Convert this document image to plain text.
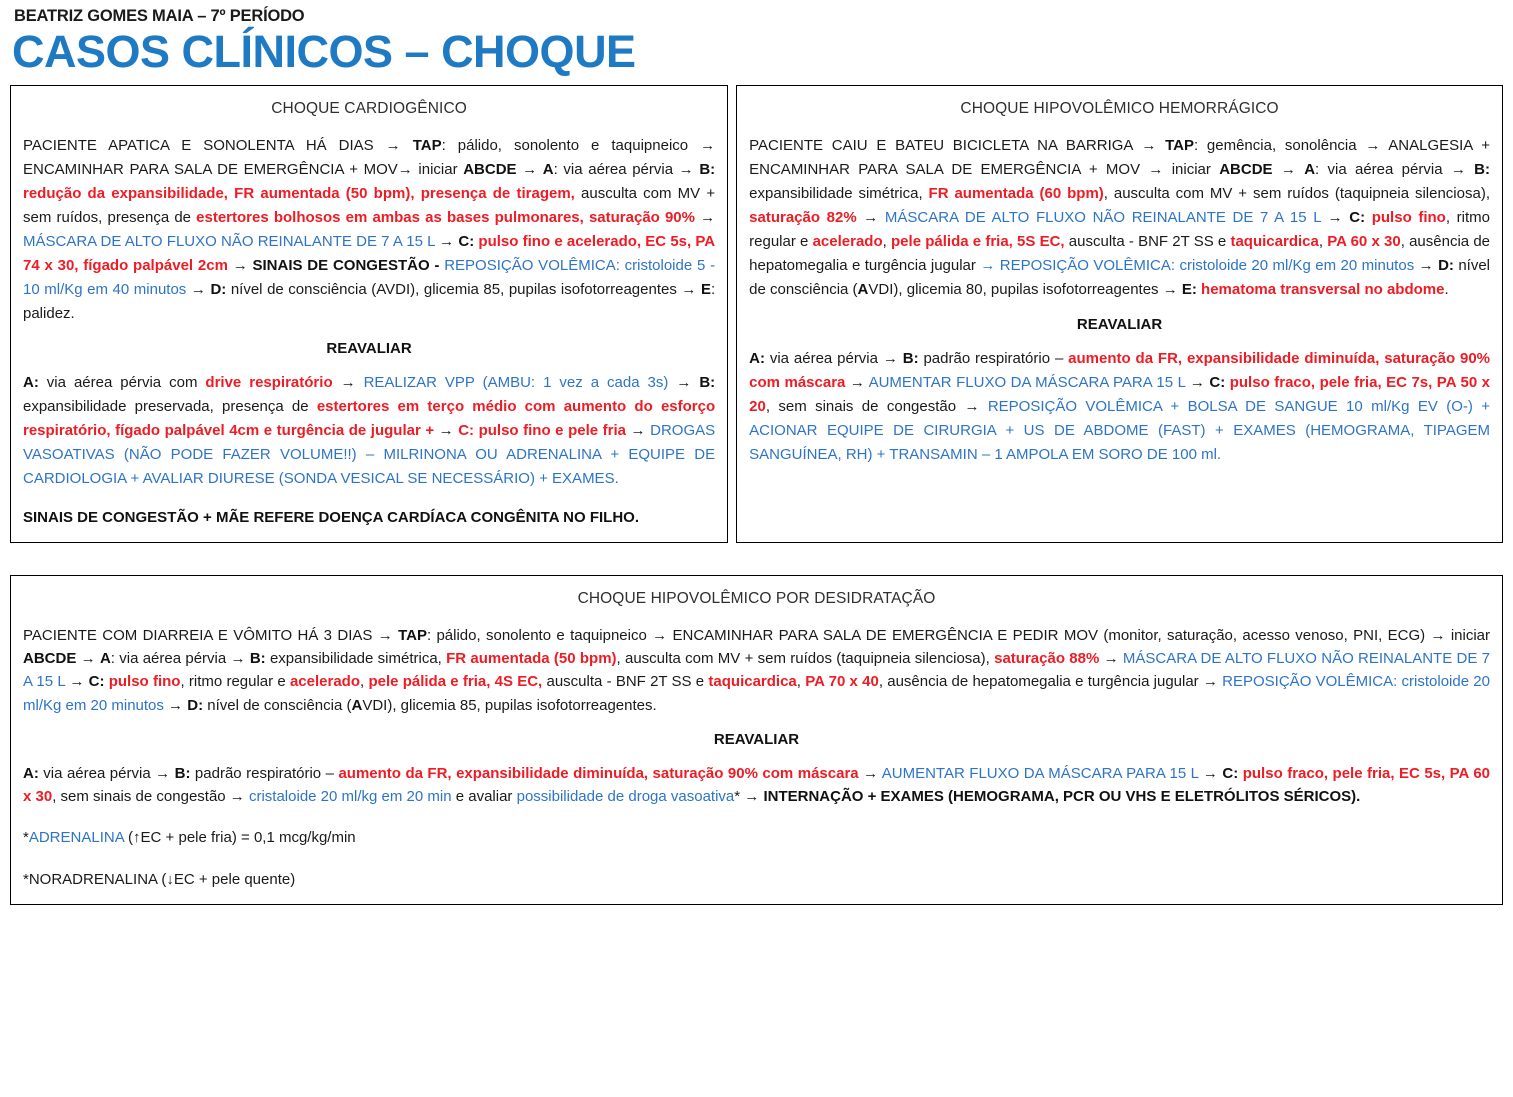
BEATRIZ GOMES MAIA – 7º PERÍODO
CASOS CLÍNICOS – CHOQUE
CHOQUE CARDIOGÊNICO

PACIENTE APATICA E SONOLENTA HÁ DIAS → TAP: pálido, sonolento e taquipneico → ENCAMINHAR PARA SALA DE EMERGÊNCIA + MOV→ iniciar ABCDE → A: via aérea pérvia → B: redução da expansibilidade, FR aumentada (50 bpm), presença de tiragem, ausculta com MV + sem ruídos, presença de estertores bolhosos em ambas as bases pulmonares, saturação 90% → MÁSCARA DE ALTO FLUXO NÃO REINALANTE DE 7 A 15 L → C: pulso fino e acelerado, EC 5s, PA 74 x 30, fígado palpável 2cm → SINAIS DE CONGESTÃO - REPOSIÇÃO VOLÊMICA: cristoloide 5 - 10 ml/Kg em 40 minutos → D: nível de consciência (AVDI), glicemia 85, pupilas isofotorreagentes → E: palidez.

REAVALIAR

A: via aérea pérvia com drive respiratório → REALIZAR VPP (AMBU: 1 vez a cada 3s) → B: expansibilidade preservada, presença de estertores em terço médio com aumento do esforço respiratório, fígado palpável 4cm e turgência de jugular + → C: pulso fino e pele fria → DROGAS VASOATIVAS (NÃO PODE FAZER VOLUME!!) – MILRINONA OU ADRENALINA + EQUIPE DE CARDIOLOGIA + AVALIAR DIURESE (SONDA VESICAL SE NECESSÁRIO) + EXAMES.

SINAIS DE CONGESTÃO + MÃE REFERE DOENÇA CARDÍACA CONGÊNITA NO FILHO.
CHOQUE HIPOVOLÊMICO HEMORRÁGICO

PACIENTE CAIU E BATEU BICICLETA NA BARRIGA → TAP: gemência, sonolência → ANALGESIA + ENCAMINHAR PARA SALA DE EMERGÊNCIA + MOV → iniciar ABCDE → A: via aérea pérvia → B: expansibilidade simétrica, FR aumentada (60 bpm), ausculta com MV + sem ruídos (taquipneia silenciosa), saturação 82% → MÁSCARA DE ALTO FLUXO NÃO REINALANTE DE 7 A 15 L → C: pulso fino, ritmo regular e acelerado, pele pálida e fria, 5S EC, ausculta - BNF 2T SS e taquicardica, PA 60 x 30, ausência de hepatomegalia e turgência jugular → REPOSIÇÃO VOLÊMICA: cristoloide 20 ml/Kg em 20 minutos → D: nível de consciência (AVDI), glicemia 80, pupilas isofotorreagentes → E: hematoma transversal no abdome.

REAVALIAR

A: via aérea pérvia → B: padrão respiratório – aumento da FR, expansibilidade diminuída, saturação 90% com máscara → AUMENTAR FLUXO DA MÁSCARA PARA 15 L → C: pulso fraco, pele fria, EC 7s, PA 50 x 20, sem sinais de congestão → REPOSIÇÃO VOLÊMICA + BOLSA DE SANGUE 10 ml/Kg EV (O-) + ACIONAR EQUIPE DE CIRURGIA + US DE ABDOME (FAST) + EXAMES (HEMOGRAMA, TIPAGEM SANGUÍNEA, RH) + TRANSAMIN – 1 AMPOLA EM SORO DE 100 ml.

CHOQUE HIPOVOLÊMICO POR DESIDRATAÇÃO

PACIENTE COM DIARREIA E VÔMITO HÁ 3 DIAS → TAP: pálido, sonolento e taquipneico → ENCAMINHAR PARA SALA DE EMERGÊNCIA E PEDIR MOV (monitor, saturação, acesso venoso, PNI, ECG) → iniciar ABCDE → A: via aérea pérvia → B: expansibilidade simétrica, FR aumentada (50 bpm), ausculta com MV + sem ruídos (taquipneia silenciosa), saturação 88% → MÁSCARA DE ALTO FLUXO NÃO REINALANTE DE 7 A 15 L → C: pulso fino, ritmo regular e acelerado, pele pálida e fria, 4S EC, ausculta - BNF 2T SS e taquicardica, PA 70 x 40, ausência de hepatomegalia e turgência jugular → REPOSIÇÃO VOLÊMICA: cristoloide 20 ml/Kg em 20 minutos → D: nível de consciência (AVDI), glicemia 85, pupilas isofotorreagentes.

REAVALIAR

A: via aérea pérvia → B: padrão respiratório – aumento da FR, expansibilidade diminuída, saturação 90% com máscara → AUMENTAR FLUXO DA MÁSCARA PARA 15 L → C: pulso fraco, pele fria, EC 5s, PA 60 x 30, sem sinais de congestão → cristaloide 20 ml/kg em 20 min e avaliar possibilidade de droga vasoativa* → INTERNAÇÃO + EXAMES (HEMOGRAMA, PCR OU VHS E ELETRÓLITOS SÉRICOS).

*ADRENALINA (↑EC + pele fria) = 0,1 mcg/kg/min
*NORADRENALINA (↓EC + pele quente)
